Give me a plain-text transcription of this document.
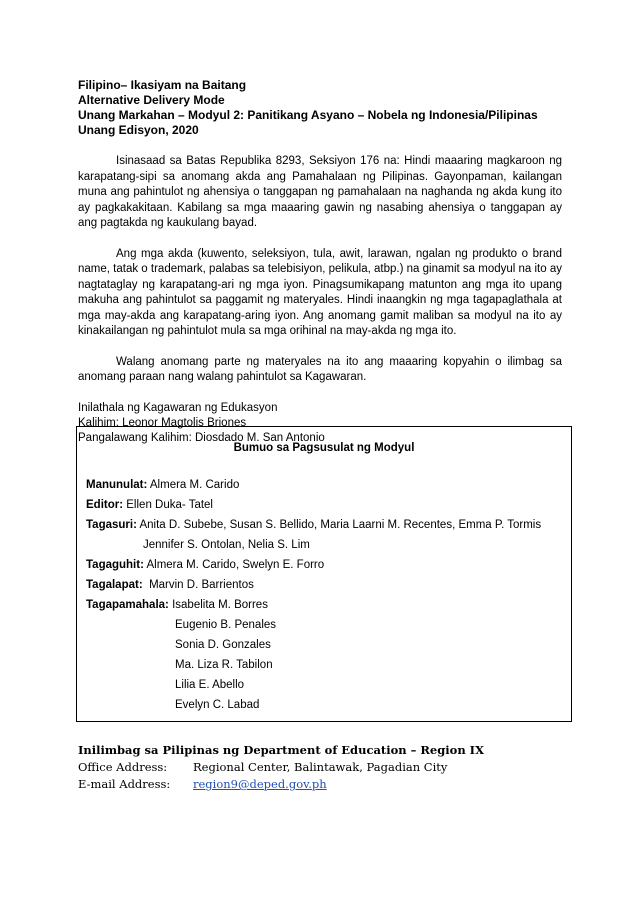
Filipino– Ikasiyam na Baitang

Alternative Delivery Mode

Unang Markahan – Modyul 2: Panitikang Asyano – Nobela ng Indonesia/Pilipinas

Unang Edisyon, 2020

Isinasaad sa Batas Republika 8293, Seksiyon 176 na: Hindi maaaring magkaroon ng karapatang-sipi sa anomang akda ang Pamahalaan ng Pilipinas. Gayonpaman, kailangan muna ang pahintulot ng ahensiya o tanggapan ng pamahalaan na naghanda ng akda kung ito ay pagkakakitaan. Kabilang sa mga maaaring gawin ng nasabing ahensiya o tanggapan ay ang pagtakda ng kaukulang bayad.

Ang mga akda (kuwento, seleksiyon, tula, awit, larawan, ngalan ng produkto o brand name, tatak o trademark, palabas sa telebisiyon, pelikula, atbp.) na ginamit sa modyul na ito ay nagtataglay ng karapatang-ari ng mga iyon. Pinagsumikapang matunton ang mga ito upang makuha ang pahintulot sa paggamit ng materyales. Hindi inaangkin ng mga tagapaglathala at mga may-akda ang karapatang-aring iyon. Ang anomang gamit maliban sa modyul na ito ay kinakailangan ng pahintulot mula sa mga orihinal na may-akda ng mga ito.

Walang anomang parte ng materyales na ito ang maaaring kopyahin o ilimbag sa anomang paraan nang walang pahintulot sa Kagawaran.

Inilathala ng Kagawaran ng Edukasyon

Kalihim: Leonor Magtolis Briones

Pangalawang Kalihim: Diosdado M. San Antonio

Bumuo sa Pagsusulat ng Modyul
Manunulat: Almera M. Carido
Editor: Ellen Duka- Tatel
Tagasuri: Anita D. Subebe, Susan S. Bellido, Maria Laarni M. Recentes, Emma P. Tormis
Jennifer S. Ontolan, Nelia S. Lim
Tagaguhit: Almera M. Carido, Swelyn E. Forro
Tagalapat: Marvin D. Barrientos
Tagapamahala: Isabelita M. Borres
Eugenio B. Penales
Sonia D. Gonzales
Ma. Liza R. Tabilon
Lilia E. Abello
Evelyn C. Labad
Inilimbag sa Pilipinas ng Department of Education – Region IX
Office Address: Regional Center, Balintawak, Pagadian City
E-mail Address: region9@deped.gov.ph
